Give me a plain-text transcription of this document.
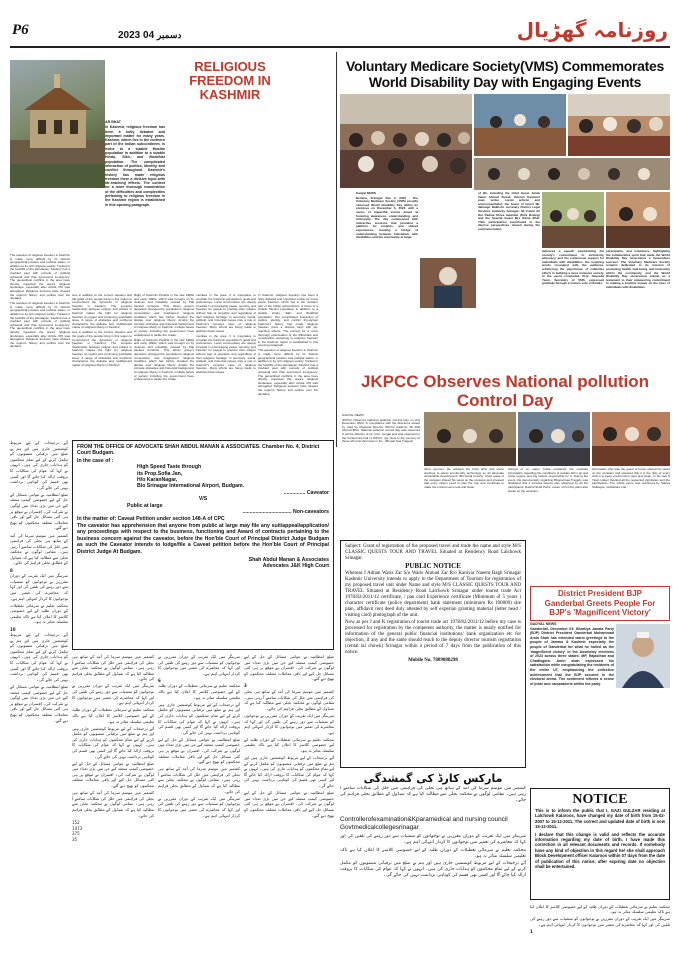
P6	2023 دسمبر 04	روزنامہ گھڑیال
RELIGIOUS
FREEDOM IN KASHMIR
AR BHAT

In Kashmir, religious freedom has been a hotly debated and important matter for many years. Kashmir, which lies in the northern part of the Indian subcontinent, is home to a sizable Muslim population in addition to a sizable Hindu, Sikh, and Buddhist population. The complicated interaction of politics, identity, and conflict throughout Kashmir's history has made religious freedom there a divisive topic with far-reaching effects. The context for a more thorough examination of the difficulties and complexities pertaining to religious freedom in the Kashmir region is established in this opening paragraph.

The question of religious freedom in Kashmir is made more difficult by its distinct geographical location and political status, in addition to its rich religious variety. Tucked in the foothills of the Himalayas, Kashmir has a troubled past with periods of political upheaval and Pak sponsored insurgency. The geopolitical conflicts in the area have directly impacted the area's religious landscape, especially after Article 370 was abrogated. Religious tensions have shaped the region's history and politics over the decades.

The question of religious freedom in Kashmir is made more difficult by its distinct geographical location and political status, in addition to its rich religious variety. Tucked in the foothills of the Himalayas, Kashmir has a troubled past with periods of political upheaval and Pak sponsored insurgency. The geopolitical conflicts in the area have directly impacted the area's religious landscape, especially after Article 370 was abrogated. Religious tensions have shaped the region's history and politics over the decades.

cies in addition to the current situation and the goals of the people living in this region to comprehend the dynamics of religious freedom in Kashmir. The complex relationship between religion and politics in Kashmir makes the fight for religious freedom an urgent and continuing worldwide issue. A range of obstacles and problems characterize the delicate and multifaceted matter of religious liberty in Kashmir.

cies in addition to the current situation and the goals of the people living in this region to comprehend the dynamics of religious freedom in Kashmir. The complex relationship between religion and politics in Kashmir makes the fight for religious freedom an urgent and continuing worldwide issue. A range of obstacles and problems characterize the delicate and multifaceted matter of religious liberty in Kashmir.

Right of Kashmiri Pandits in the late 1980s and early 1990s, which was brought on by violence and instability caused by Pak backed terrorists. This Hindu group's departure changed the population's religious composition and heightened religious hostilities which has further clouded the debate over religious liberty. Amidst the intricate obstacles and historical background of religious liberty in Kashmir, multiple facets of society including the government have endeavored to tackle the matter.

Right of Kashmiri Pandits in the late 1980s and early 1990s, which was brought on by violence and instability caused by Pak backed terrorists. This Hindu group's departure changed the population's religious composition and heightened religious hostilities which has further clouded the debate over religious liberty. Amidst the intricate obstacles and historical background of religious liberty in Kashmir, multiple facets of society including the government have endeavored to tackle the matter.

munities in the area. It is imperative to consider the Kashmiri population's goals and preferences. Local communities are deeply invested in encouraging peace, security, and freedom for people to practice their religion without fear of prejudice and regardless of their religious heritage. In summary, social, political, and historical issues play a role in Kashmir's complex case of religious freedom. Many efforts are being made to address these issues.

munities in the area. It is imperative to consider the Kashmiri population's goals and preferences. Local communities are deeply invested in encouraging peace, security, and freedom for people to practice their religion without fear of prejudice and regardless of their religious heritage. In summary, social, political, and historical issues play a role in Kashmir's complex case of religious freedom. Many efforts are being made to address these issues.

In Kashmir, religious freedom has been a hotly debated and important matter for many years. Kashmir, which lies in the northern part of the Indian subcontinent, is home to a sizable Muslim population in addition to a sizable Hindu, Sikh, and Buddhist population. The complicated interaction of politics, identity, and conflict throughout Kashmir's history has made religious freedom there a divisive topic with far-reaching effects. The context for a more thorough examination of the difficulties and complexities pertaining to religious freedom in the Kashmir region is established in this opening paragraph.

The question of religious freedom in Kashmir is made more difficult by its distinct geographical location and political status, in addition to its rich religious variety. Tucked in the foothills of the Himalayas, Kashmir has a troubled past with periods of political upheaval and Pak sponsored insurgency. The geopolitical conflicts in the area have directly impacted the area's religious landscape, especially after Article 370 was abrogated. Religious tensions have shaped the region's history and politics over the decades.

Voluntary Medicare Society(VMS) Commemorates
World Disability Day with Engaging Events
Gadyal NEWS

Bemina, Srinagar Dec 3, 2023 - The Voluntary Medicare Society (VMS) proudly observed World Disability Day within its premises on December 3, 2023, with a series of impactful events aimed at fostering awareness, understanding, and inclusivity. The day commenced with interactive sessions that provided a platform for insights, and shared experiences, creating a bridge of understanding between individuals with disabilities and the community at large.

of life, including the Chief Guest Janab Zamir Ahmad Zareef, Veteran Kashmiri poet, writer, social activist and environmentalist; the Guest of Honor Mr. Jahangir Bakhshi, secretary District Legal Services Authority Srinagar; Mr Faisal Ali Dar Padma Shree Awardee (Kick Boxing) and the Special Guest Mrs Rama Bhat. Their participation contributed to the diverse perspectives shared during the commemoration.

delivered a speech emphasizing the society's commitment to inclusivity, advocacy, and the continuous support for individuals with disabilities. His inspiring words resonated with the audience, reinforcing the importance of collective efforts in building a more inclusive society. In the event concluded, Prof. Naseeda Yasin, Secretary of VMS, expressed gratitude through a sincere vote of thanks.

participants, and volunteers, highlighting the collaborative spirit that made the World Disability Day observance a tremendous success. The Voluntary Medicare Society remains dedicated to its mission of promoting health, well-being, and inclusivity within the community, and the World Disability Day observance stands as a testament to their unwavering commitment to making a positive impact on the lives of individuals with disabilities.

JKPCC Observes National pollution
Control Day
GADYAL NEWS

JKPCC Observes National pollution Control Day on 2nd December 2023. In compliance with the directions issued by cited by Regional Director JKPCC Kashmir, Mr Rafi Ahmad Bhat, National pollution control day was observed in all the districts of pir, kmir, mergal and was observed in the Conference hall of JKPCC, rjpr. Here in the memory of those who lost their lives in the - Bhopal Gas Tragedy.

other sources. He advised the brick kilns and stone crushers to adopt eco-friendly technology so all advocate sustainable development. Bill social forestry, Chief guest of the occasion shared his views on the occasion and stressed that every citizen need to play the role and contribute to make the environment neat and clean.

Ahmad et al, water Colka explained the requisite information regarding the conditions of sudden fall in air and noise regime and the factors responsible for it. During the event, the documentary regarding Bhopal Gas Tragedy was displayed and 2 minutes silence was observed by all the participants. Rashid Shafi Parra, owner of hot film plant also spoke on the occasion.

information who was the guest of honor shared his views on the occasion and stressed that it is the duty of every citizen to keep environment neat and clean. In the last S Yasin Lafeer thanked all the respected dignitaries and the participants. The whole event was anchored by Sakiya Shafayee, Gulbaharu Lott.

آئے ترجیحات کے لیے مربوط کوششیں جاری ہیں اور ہم نے ضلع میں ترقیاتی منصوبوں کو مکمل کرنے کے لیے تمام محکموں کو ہدایات جاری کی ہیں۔ انہوں نے کہا کہ عوام کی شکایات کا بروقت ازالہ کیا جائے گا اور کسی بھی قسم کی کوتاہی برداشت نہیں کی جائے گی۔

ضلع انتظامیہ نے عوامی مسائل کے حل کے لیے خصوصی کیمپ منعقد کیے جن میں بڑی تعداد میں لوگوں نے شرکت کی۔ افسران نے موقع پر ہی کئی مسائل حل کیے اور باقی معاملات متعلقہ محکموں کو بھیج دیے گئے۔

کشمیر میں موسم سرما کی آمد کے ساتھ ہی بجلی کی فراہمی میں خلل کی شکایات سامنے آ رہی ہیں۔ مقامی لوگوں نے محکمہ بجلی سے مطالبہ کیا ہے کہ شیڈول کے مطابق بجلی فراہم کی جائے۔

8

سرینگر میں ایک تقریب کے دوران مقررین نے نوجوانوں کو منشیات سے دور رہنے کی تلقین کی اور کہا کہ معاشرے کی تعمیر میں نوجوانوں کا کردار انتہائی اہم ہے۔

محکمہ تعلیم نے سرمائی تعطیلات کے دوران طلبہ کے لیے خصوصی کلاسز کا اعلان کیا ہے تاکہ تعلیمی سلسلہ متاثر نہ ہو۔

10

آئے ترجیحات کے لیے مربوط کوششیں جاری ہیں اور ہم نے ضلع میں ترقیاتی منصوبوں کو مکمل کرنے کے لیے تمام محکموں کو ہدایات جاری کی ہیں۔ انہوں نے کہا کہ عوام کی شکایات کا بروقت ازالہ کیا جائے گا اور کسی بھی قسم کی کوتاہی برداشت نہیں کی جائے گی۔

ضلع انتظامیہ نے عوامی مسائل کے حل کے لیے خصوصی کیمپ منعقد کیے جن میں بڑی تعداد میں لوگوں نے شرکت کی۔ افسران نے موقع پر ہی کئی مسائل حل کیے اور باقی معاملات متعلقہ محکموں کو بھیج دیے گئے۔

FROM THE OFFICE OF ADVOCATE SHAH ABDUL MANAN & ASSOCIATES. Chamber No. 4, District Court Budgam.
In the case of :
High Speed Taste through
its Prop.Sofia Jan,
H/o KaranNagar,
Bio Srinagar International Airport, Budgam.
............... Caveator
V/S
Public at large
.................................. Non-caveators
In the matter of: Caveat Petition under section 148-A of CPC
The caveator has apprehension that anyone from public at large may file any suit/appeal/application/ any proceedings with respect to the business, functioning and Award of contracts pertaining to the business concern against the caveator, before the Hon'ble Court of Principal District Judge Budgam as such the Caveator intends to lodge/file a Caveat petition before the Hon'ble Court of Principal District Judge At Budgam.
Shah Abdul Manan & Associates
Advocates J&K High Court

کشمیر میں موسم سرما کی آمد کے ساتھ ہی بجلی کی فراہمی میں خلل کی شکایات سامنے آ رہی ہیں۔ مقامی لوگوں نے محکمہ بجلی سے مطالبہ کیا ہے کہ شیڈول کے مطابق بجلی فراہم کی جائے۔

سرینگر میں ایک تقریب کے دوران مقررین نے نوجوانوں کو منشیات سے دور رہنے کی تلقین کی اور کہا کہ معاشرے کی تعمیر میں نوجوانوں کا کردار انتہائی اہم ہے۔

محکمہ تعلیم نے سرمائی تعطیلات کے دوران طلبہ کے لیے خصوصی کلاسز کا اعلان کیا ہے تاکہ تعلیمی سلسلہ متاثر نہ ہو۔

آئے ترجیحات کے لیے مربوط کوششیں جاری ہیں اور ہم نے ضلع میں ترقیاتی منصوبوں کو مکمل کرنے کے لیے تمام محکموں کو ہدایات جاری کی ہیں۔ انہوں نے کہا کہ عوام کی شکایات کا بروقت ازالہ کیا جائے گا اور کسی بھی قسم کی کوتاہی برداشت نہیں کی جائے گی۔

ضلع انتظامیہ نے عوامی مسائل کے حل کے لیے خصوصی کیمپ منعقد کیے جن میں بڑی تعداد میں لوگوں نے شرکت کی۔ افسران نے موقع پر ہی کئی مسائل حل کیے اور باقی معاملات متعلقہ محکموں کو بھیج دیے گئے۔

کشمیر میں موسم سرما کی آمد کے ساتھ ہی بجلی کی فراہمی میں خلل کی شکایات سامنے آ رہی ہیں۔ مقامی لوگوں نے محکمہ بجلی سے مطالبہ کیا ہے کہ شیڈول کے مطابق بجلی فراہم کی جائے۔

152
1473
375
35

سرینگر میں ایک تقریب کے دوران مقررین نے نوجوانوں کو منشیات سے دور رہنے کی تلقین کی اور کہا کہ معاشرے کی تعمیر میں نوجوانوں کا کردار انتہائی اہم ہے۔

6

محکمہ تعلیم نے سرمائی تعطیلات کے دوران طلبہ کے لیے خصوصی کلاسز کا اعلان کیا ہے تاکہ تعلیمی سلسلہ متاثر نہ ہو۔

آئے ترجیحات کے لیے مربوط کوششیں جاری ہیں اور ہم نے ضلع میں ترقیاتی منصوبوں کو مکمل کرنے کے لیے تمام محکموں کو ہدایات جاری کی ہیں۔ انہوں نے کہا کہ عوام کی شکایات کا بروقت ازالہ کیا جائے گا اور کسی بھی قسم کی کوتاہی برداشت نہیں کی جائے گی۔

ضلع انتظامیہ نے عوامی مسائل کے حل کے لیے خصوصی کیمپ منعقد کیے جن میں بڑی تعداد میں لوگوں نے شرکت کی۔ افسران نے موقع پر ہی کئی مسائل حل کیے اور باقی معاملات متعلقہ محکموں کو بھیج دیے گئے۔

کشمیر میں موسم سرما کی آمد کے ساتھ ہی بجلی کی فراہمی میں خلل کی شکایات سامنے آ رہی ہیں۔ مقامی لوگوں نے محکمہ بجلی سے مطالبہ کیا ہے کہ شیڈول کے مطابق بجلی فراہم کی جائے۔

سرینگر میں ایک تقریب کے دوران مقررین نے نوجوانوں کو منشیات سے دور رہنے کی تلقین کی اور کہا کہ معاشرے کی تعمیر میں نوجوانوں کا کردار انتہائی اہم ہے۔

ضلع انتظامیہ نے عوامی مسائل کے حل کے لیے خصوصی کیمپ منعقد کیے جن میں بڑی تعداد میں لوگوں نے شرکت کی۔ افسران نے موقع پر ہی کئی مسائل حل کیے اور باقی معاملات متعلقہ محکموں کو بھیج دیے گئے۔

3

کشمیر میں موسم سرما کی آمد کے ساتھ ہی بجلی کی فراہمی میں خلل کی شکایات سامنے آ رہی ہیں۔ مقامی لوگوں نے محکمہ بجلی سے مطالبہ کیا ہے کہ شیڈول کے مطابق بجلی فراہم کی جائے۔

سرینگر میں ایک تقریب کے دوران مقررین نے نوجوانوں کو منشیات سے دور رہنے کی تلقین کی اور کہا کہ معاشرے کی تعمیر میں نوجوانوں کا کردار انتہائی اہم ہے۔

محکمہ تعلیم نے سرمائی تعطیلات کے دوران طلبہ کے لیے خصوصی کلاسز کا اعلان کیا ہے تاکہ تعلیمی سلسلہ متاثر نہ ہو۔

آئے ترجیحات کے لیے مربوط کوششیں جاری ہیں اور ہم نے ضلع میں ترقیاتی منصوبوں کو مکمل کرنے کے لیے تمام محکموں کو ہدایات جاری کی ہیں۔ انہوں نے کہا کہ عوام کی شکایات کا بروقت ازالہ کیا جائے گا اور کسی بھی قسم کی کوتاہی برداشت نہیں کی جائے گی۔

ضلع انتظامیہ نے عوامی مسائل کے حل کے لیے خصوصی کیمپ منعقد کیے جن میں بڑی تعداد میں لوگوں نے شرکت کی۔ افسران نے موقع پر ہی کئی مسائل حل کیے اور باقی معاملات متعلقہ محکموں کو بھیج دیے گئے۔

Subject: Grant of registration of the proposed travel and trade the name and style M/S CLASSIC QUESTS TOUR AND TRAVEL Situated at Residency Road Lalchowk Srinagar
PUBLIC NOTICE
Whereas I Adnan Waris Zar S/o Waris Ahmad Zar R/o Kaniyar Naeem Bagh Srinagar Kashmir University intends to apply to the Department of Tourism for registration of my proposed travel unit under Name and style M/S CLASSIC QUESTS TOUR AND TRAVEL Situated at Residency Road Lalchowk Srinagar under tourist trade Act 1978/82/2011/12 certificate, / pan card Experience certificate (Minimum of 5 years ) character certificate (police department) bank statement (minimum Rs 100000) site plan, affidavit rent deed duly attested by self experian granting material (letter head / visiting card) photograph of the unit.
Now as per J and K registration of tourist trade act 1978/82/2011/12 before my case is processed for registration by the competent authority, the matter is nearly notified for information of the general public financial institutions/ bank organization etc for objection, if any and the same should reach to the deputy director tourism registration (cental lal chowk) Srinagar within a period of 7 days from the publication of this notice.
Mobile No. 7889088298
مارکس کارڈ کی گمشدگی

کشمیر میں موسم سرما کی آمد کے ساتھ ہی بجلی کی فراہمی میں خلل کی شکایات سامنے آ رہی ہیں۔ مقامی لوگوں نے محکمہ بجلی سے مطالبہ کیا ہے کہ شیڈول کے مطابق بجلی فراہم کی جائے۔

Controllerofexamination&Kparamedical and nursing council Govtmedicalcollegesrinagar

سرینگر میں ایک تقریب کے دوران مقررین نے نوجوانوں کو منشیات سے دور رہنے کی تلقین کی اور کہا کہ معاشرے کی تعمیر میں نوجوانوں کا کردار انتہائی اہم ہے۔

محکمہ تعلیم نے سرمائی تعطیلات کے دوران طلبہ کے لیے خصوصی کلاسز کا اعلان کیا ہے تاکہ تعلیمی سلسلہ متاثر نہ ہو۔

آئے ترجیحات کے لیے مربوط کوششیں جاری ہیں اور ہم نے ضلع میں ترقیاتی منصوبوں کو مکمل کرنے کے لیے تمام محکموں کو ہدایات جاری کی ہیں۔ انہوں نے کہا کہ عوام کی شکایات کا بروقت ازالہ کیا جائے گا اور کسی بھی قسم کی کوتاہی برداشت نہیں کی جائے گی۔

District President BJP
Ganderbal Greets People For
BJP's 'Magnificent Victory'
GADYAL NEWS

Ganderbal, December 03: Bhartiya Janata Party (BJP) District President Ganderbal Mohammad Amin Shah has extended warm greetings to the people of Jammu & Kashmir especially the people of Ganderbal for what he hailed as the 'magnificent victory' in the Assembly elections of 2023 across three states: MP, Rajasthan and Chattisgarh. Amin shah expressed his satisfaction while congratulating the residents of the entire UT, emphasizing the collective achievement that the BJP secured in the electoral arena. The sentiment reflects a sense of pride and camaraderie within the party.

NOTICE
This is to inform the public that I, GAZI GULZAR residing at Lalchowk Kalaroos, have changed my date of birth from 15-02-2007 to 15-12-2011. The correct and updated date of birth is now 15-12-2011.
I declare that this change is valid and reflects the accurate information regarding my date of birth. I have made this correction in all relevant documents and records. If somebody have any kind of objection in this regard he/ she shall approach Block Development officer Kalaroos within 07 days from the date of publication of this notice, after expiring date no objection shall be entertained.

محکمہ تعلیم نے سرمائی تعطیلات کے دوران طلبہ کے لیے خصوصی کلاسز کا اعلان کیا ہے تاکہ تعلیمی سلسلہ متاثر نہ ہو۔

سرینگر میں ایک تقریب کے دوران مقررین نے نوجوانوں کو منشیات سے دور رہنے کی تلقین کی اور کہا کہ معاشرے کی تعمیر میں نوجوانوں کا کردار انتہائی اہم ہے۔

1
